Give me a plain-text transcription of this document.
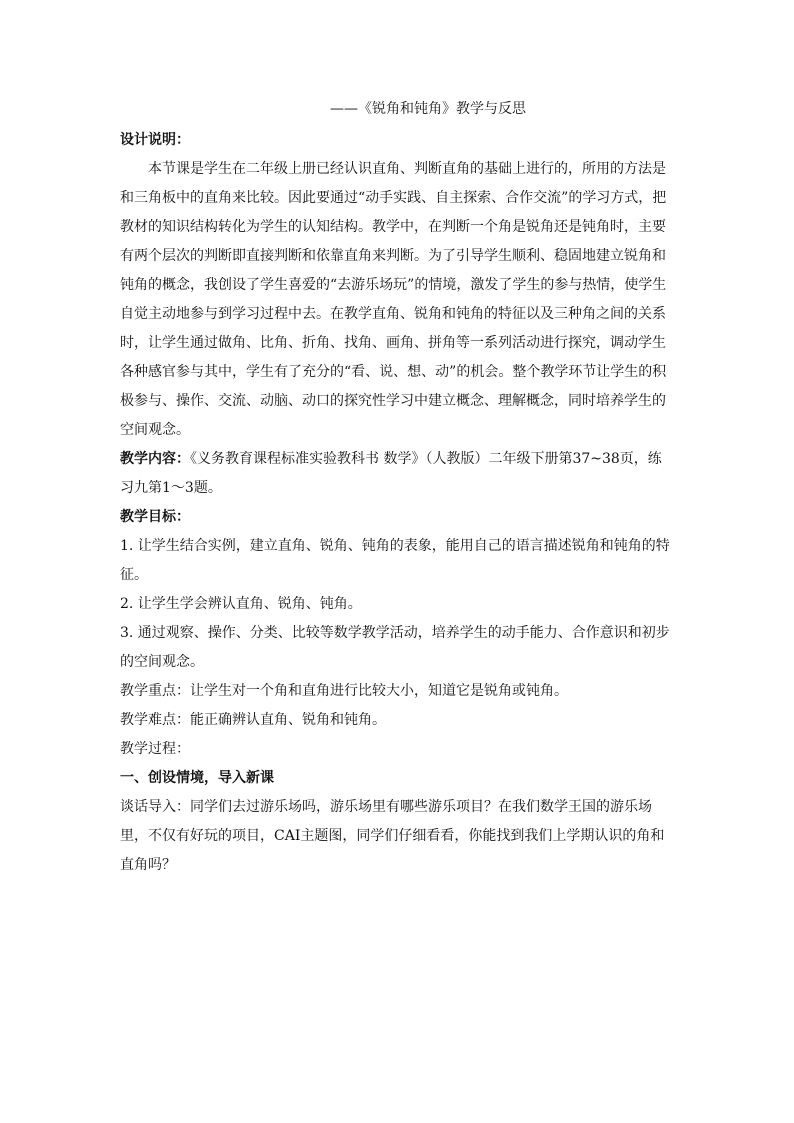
——《锐角和钝角》教学与反思

设计说明：

本节课是学生在二年级上册已经认识直角、判断直角的基础上进行的，所用的方法是和三角板中的直角来比较。因此要通过“动手实践、自主探索、合作交流”的学习方式，把教材的知识结构转化为学生的认知结构。教学中，在判断一个角是锐角还是钝角时，主要有两个层次的判断即直接判断和依靠直角来判断。为了引导学生顺利、稳固地建立锐角和钝角的概念，我创设了学生喜爱的“去游乐场玩”的情境，激发了学生的参与热情，使学生自觉主动地参与到学习过程中去。在教学直角、锐角和钝角的特征以及三种角之间的关系时，让学生通过做角、比角、折角、找角、画角、拼角等一系列活动进行探究，调动学生各种感官参与其中，学生有了充分的“看、说、想、动”的机会。整个教学环节让学生的积极参与、操作、交流、动脑、动口的探究性学习中建立概念、理解概念，同时培养学生的空间观念。

教学内容：《义务教育课程标准实验教科书 数学》（人教版）二年级下册第37~38页，练习九第1～3题。

教学目标：

1. 让学生结合实例，建立直角、锐角、钝角的表象，能用自己的语言描述锐角和钝角的特征。

2. 让学生学会辨认直角、锐角、钝角。

3. 通过观察、操作、分类、比较等数学教学活动，培养学生的动手能力、合作意识和初步的空间观念。

教学重点：让学生对一个角和直角进行比较大小，知道它是锐角或钝角。

教学难点：能正确辨认直角、锐角和钝角。

教学过程：

一、创设情境，导入新课

谈话导入：同学们去过游乐场吗，游乐场里有哪些游乐项目？在我们数学王国的游乐场里，不仅有好玩的项目，CAI主题图，同学们仔细看看，你能找到我们上学期认识的角和直角吗？
